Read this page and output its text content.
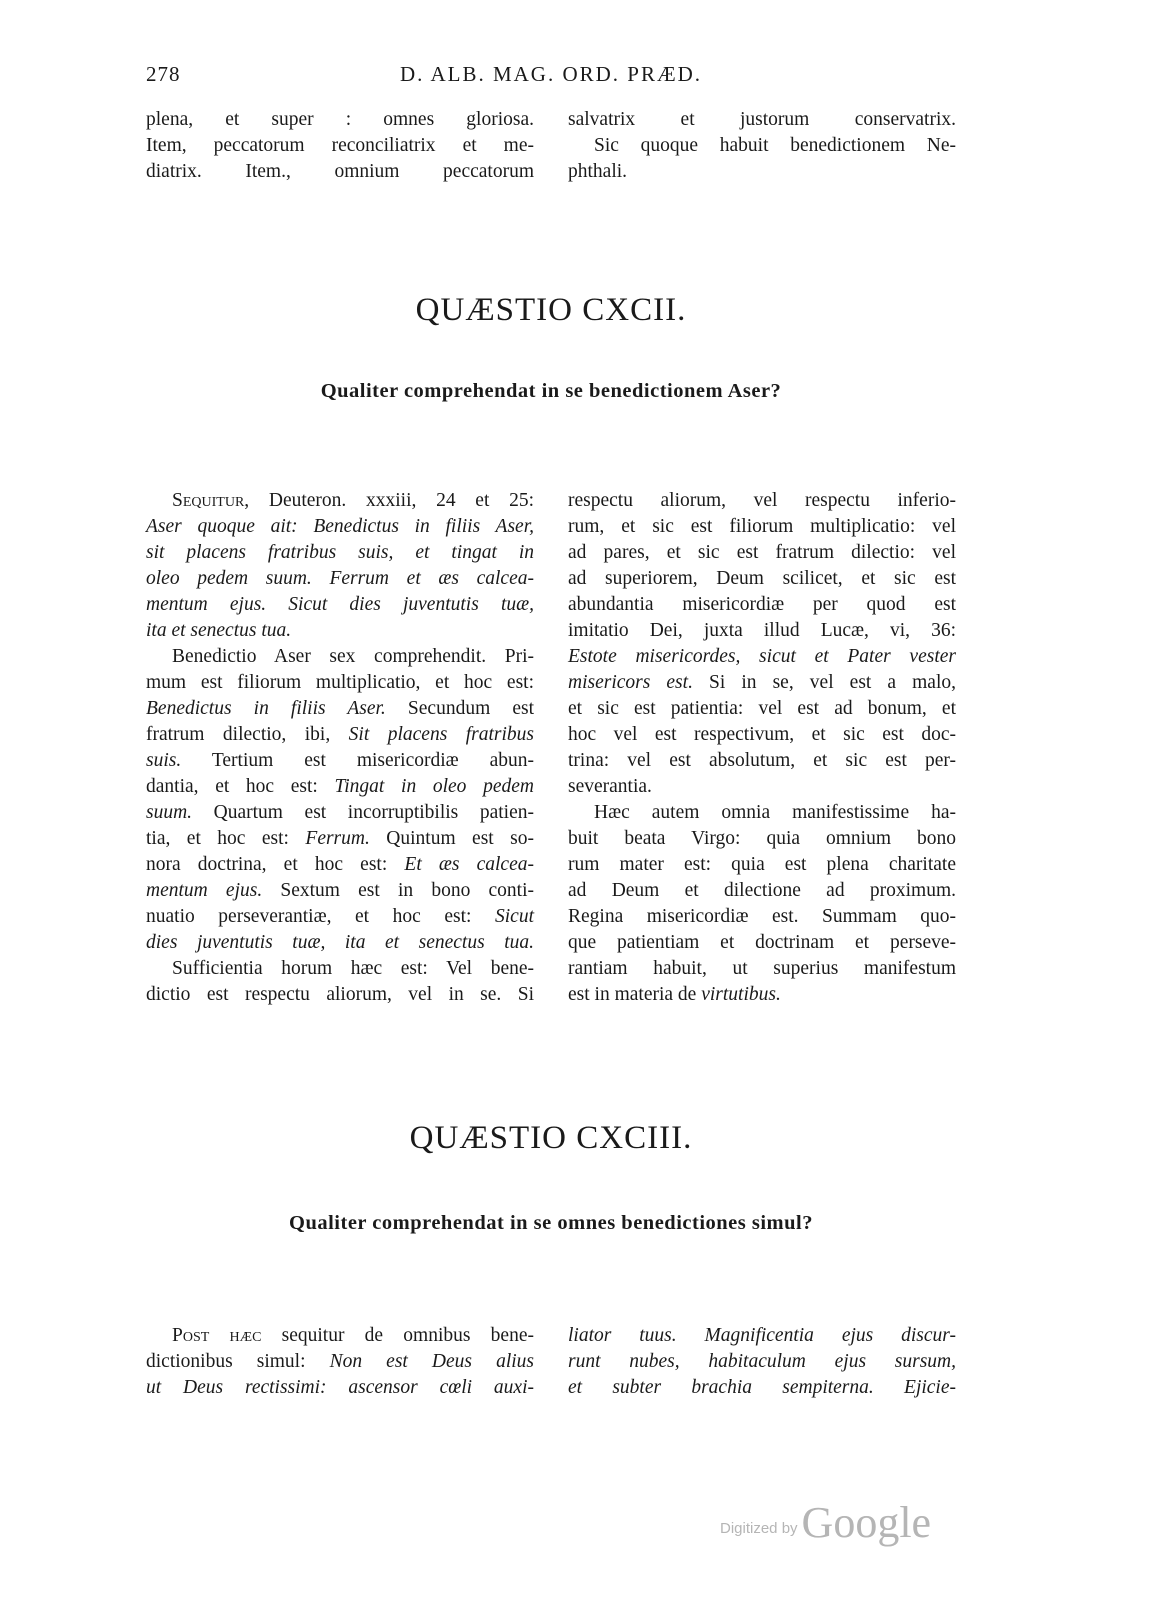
278	D. ALB. MAG. ORD. PRÆD.
plena, et super : omnes gloriosa.
Item, peccatorum reconciliatrix et me-
diatrix. Item., omnium peccatorum
salvatrix et justorum conservatrix.
Sic quoque habuit benedictionem Ne-
phthali.
QUÆSTIO CXCII.
Qualiter comprehendat in se benedictionem Aser?
Sequitur, Deuteron. xxxiii, 24 et 25:
Aser quoque ait: Benedictus in filiis Aser,
sit placens fratribus suis, et tingat in
oleo pedem suum. Ferrum et æs calcea-
mentum ejus. Sicut dies juventutis tuæ,
ita et senectus tua.
Benedictio Aser sex comprehendit. Pri-
mum est filiorum multiplicatio, et hoc est:
Benedictus in filiis Aser. Secundum est
fratrum dilectio, ibi, Sit placens fratribus
suis. Tertium est misericordiæ abun-
dantia, et hoc est: Tingat in oleo pedem
suum. Quartum est incorruptibilis patien-
tia, et hoc est: Ferrum. Quintum est so-
nora doctrina, et hoc est: Et æs calcea-
mentum ejus. Sextum est in bono conti-
nuatio perseverantiæ, et hoc est: Sicut
dies juventutis tuæ, ita et senectus tua.
Sufficientia horum hæc est: Vel bene-
dictio est respectu aliorum, vel in se. Si
respectu aliorum, vel respectu inferio-
rum, et sic est filiorum multiplicatio: vel
ad pares, et sic est fratrum dilectio: vel
ad superiorem, Deum scilicet, et sic est
abundantia misericordiæ per quod est
imitatio Dei, juxta illud Lucæ, vi, 36:
Estote misericordes, sicut et Pater vester
misericors est. Si in se, vel est a malo,
et sic est patientia: vel est ad bonum, et
hoc vel est respectivum, et sic est doc-
trina: vel est absolutum, et sic est per-
severantia.
Hæc autem omnia manifestissime ha-
buit beata Virgo: quia omnium bono
rum mater est: quia est plena charitate
ad Deum et dilectione ad proximum.
Regina misericordiæ est. Summam quo-
que patientiam et doctrinam et perseve-
rantiam habuit, ut superius manifestum
est in materia de virtutibus.
QUÆSTIO CXCIII.
Qualiter comprehendat in se omnes benedictiones simul?
Post hæc sequitur de omnibus bene-
dictionibus simul: Non est Deus alius
ut Deus rectissimi: ascensor cœli auxi-
liator tuus. Magnificentia ejus discur-
runt nubes, habitaculum ejus sursum,
et subter brachia sempiterna. Ejicie-
Digitized by Google
